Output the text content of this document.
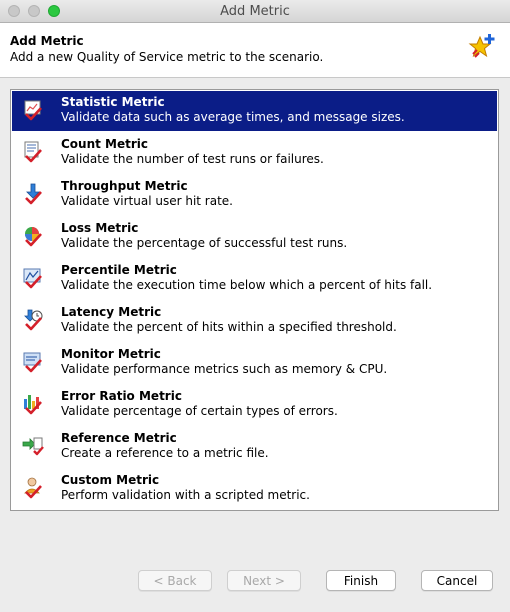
Add Metric
Add Metric
Add a new Quality of Service metric to the scenario.
Statistic Metric
Validate data such as average times, and message sizes.
Count Metric
Validate the number of test runs or failures.
Throughput Metric
Validate virtual user hit rate.
Loss Metric
Validate the percentage of successful test runs.
Percentile Metric
Validate the execution time below which a percent of hits fall.
Latency Metric
Validate the percent of hits within a specified threshold.
Monitor Metric
Validate performance metrics such as memory & CPU.
Error Ratio Metric
Validate percentage of certain types of errors.
Reference Metric
Create a reference to a metric file.
Custom Metric
Perform validation with a scripted metric.
< Back	Next >	Finish	Cancel
